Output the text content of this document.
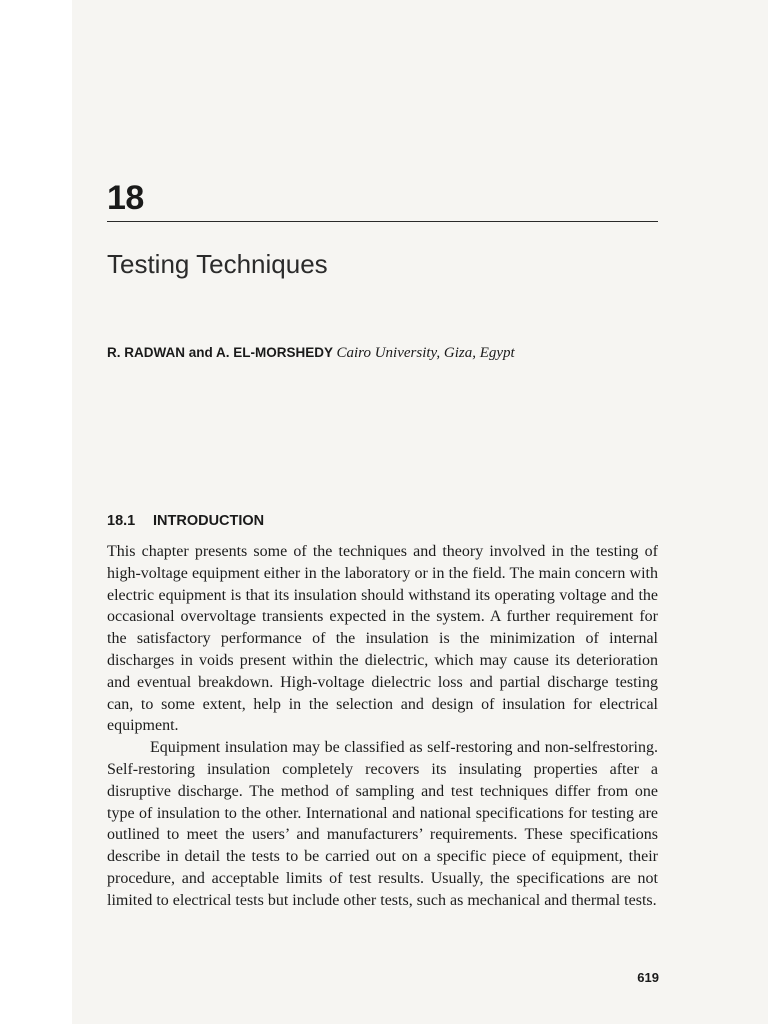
18
Testing Techniques

R. RADWAN and A. EL-MORSHEDY Cairo University, Giza, Egypt

18.1 INTRODUCTION

This chapter presents some of the techniques and theory involved in the testing of high-voltage equipment either in the laboratory or in the field. The main concern with electric equipment is that its insulation should withstand its operating voltage and the occasional overvoltage transients expected in the system. A further requirement for the satisfactory performance of the insulation is the minimization of internal discharges in voids present within the dielectric, which may cause its deterioration and eventual breakdown. High-voltage dielectric loss and partial discharge testing can, to some extent, help in the selection and design of insulation for electrical equipment.

Equipment insulation may be classified as self-restoring and non-selfrestoring. Self-restoring insulation completely recovers its insulating properties after a disruptive discharge. The method of sampling and test techniques differ from one type of insulation to the other. International and national specifications for testing are outlined to meet the users’ and manufacturers’ requirements. These specifications describe in detail the tests to be carried out on a specific piece of equipment, their procedure, and acceptable limits of test results. Usually, the specifications are not limited to electrical tests but include other tests, such as mechanical and thermal tests.

619
